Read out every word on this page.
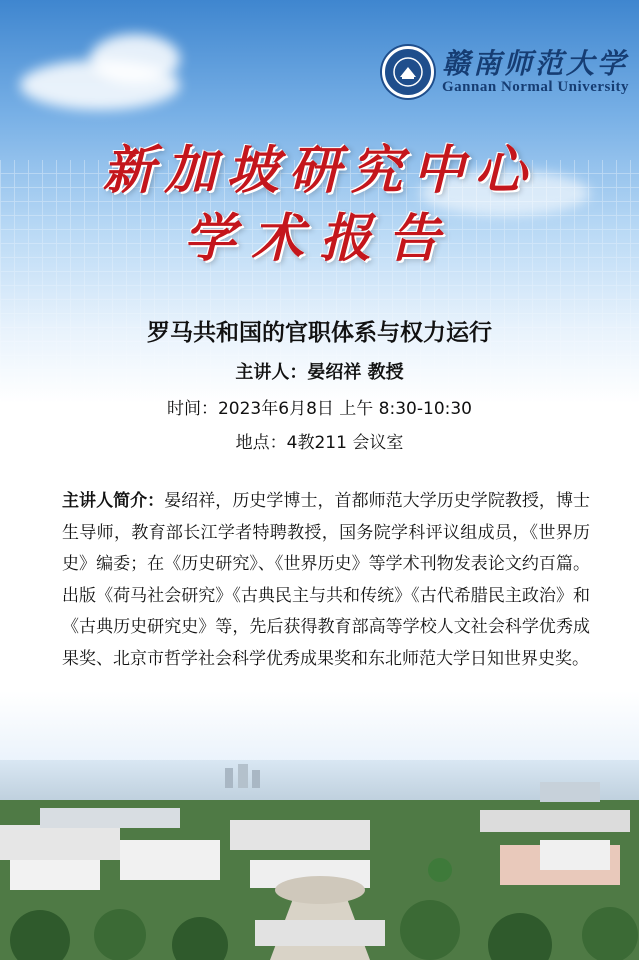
赣南师范大学
Gannan Normal University
新加坡研究中心
学术报告
罗马共和国的官职体系与权力运行
主讲人：晏绍祥 教授
时间：2023年6月8日 上午 8:30-10:30
地点：4教211 会议室
主讲人简介：晏绍祥，历史学博士，首都师范大学历史学院教授，博士生导师，教育部长江学者特聘教授，国务院学科评议组成员，《世界历史》编委；在《历史研究》、《世界历史》等学术刊物发表论文约百篇。出版《荷马社会研究》《古典民主与共和传统》《古代希腊民主政治》和《古典历史研究史》等，先后获得教育部高等学校人文社会科学优秀成果奖、北京市哲学社会科学优秀成果奖和东北师范大学日知世界史奖。
